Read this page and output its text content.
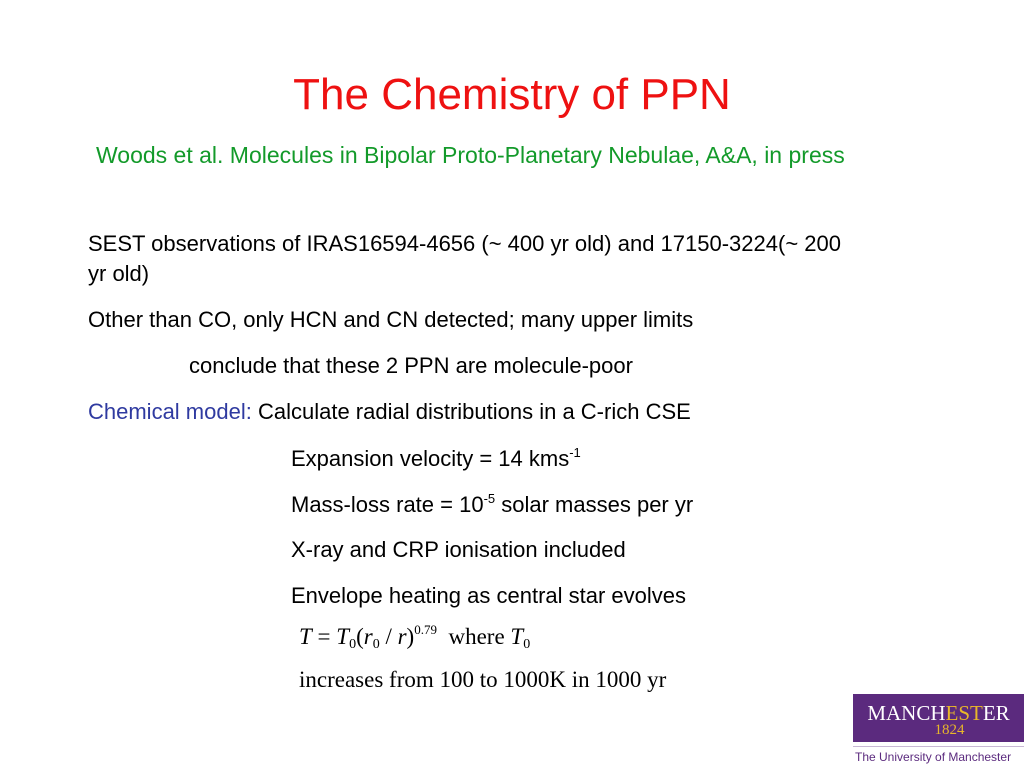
The Chemistry of PPN
Woods et al. Molecules in Bipolar Proto-Planetary Nebulae, A&A, in press
SEST observations of IRAS16594-4656 (~ 400 yr old) and 17150-3224(~ 200
yr old)
Other than CO, only HCN and CN detected; many upper limits
conclude that these 2 PPN are molecule-poor
Chemical model: Calculate radial distributions in a C-rich CSE
Expansion velocity = 14 kms$^{-1}$
Mass-loss rate = $10^{-5}$ solar masses per yr
X-ray and CRP ionisation included
Envelope heating as central star evolves
$T = T_0(r_0 / r)^{0.79}$  where $T_0$
increases from 100 to 1000K in 1000 yr
MANCHESTER
1824
The University of Manchester
